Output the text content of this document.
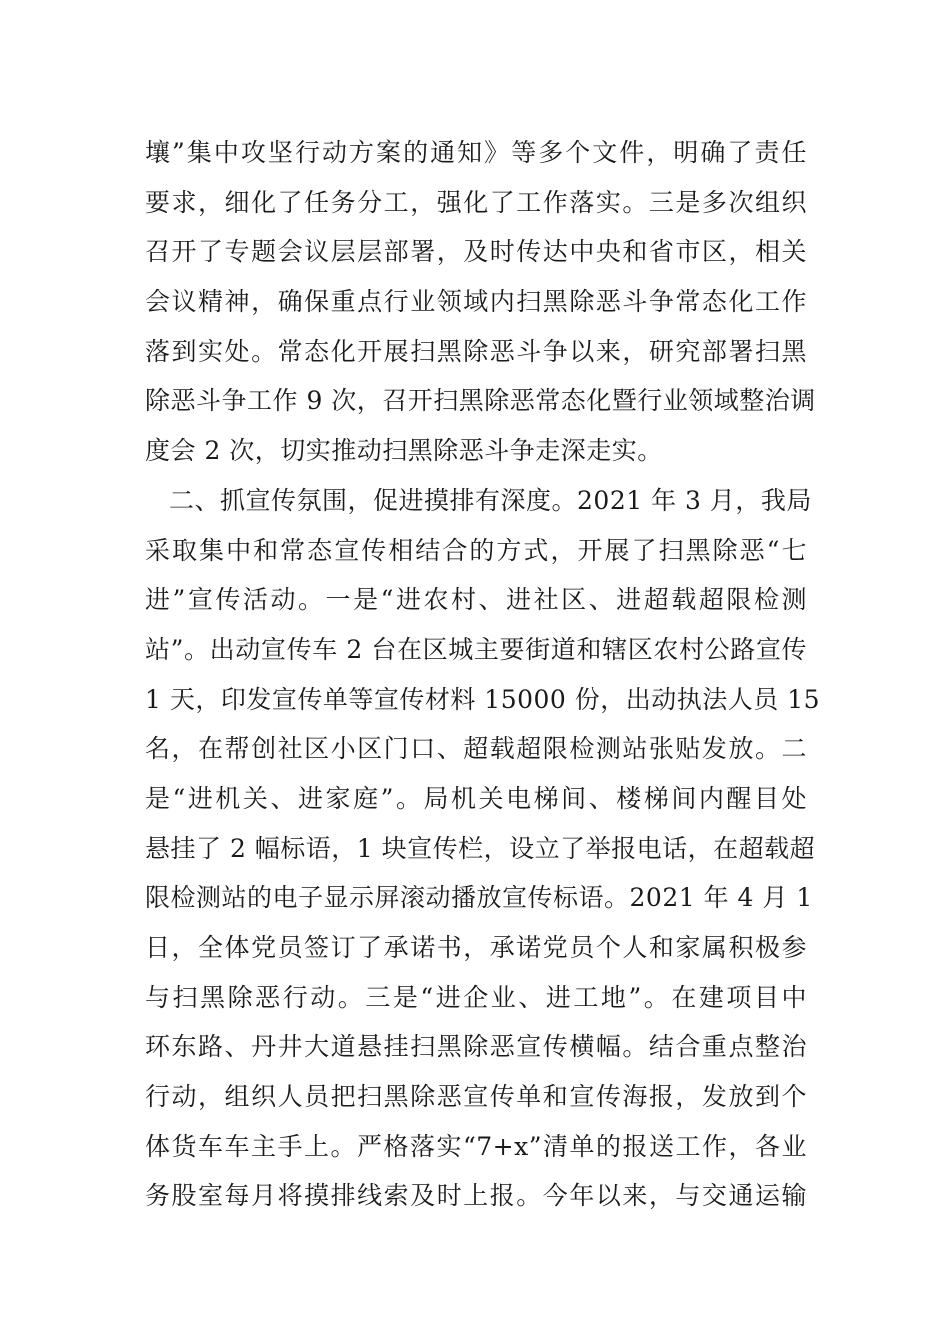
壤”集中攻坚行动方案的通知》等多个文件，明确了责任
要求，细化了任务分工，强化了工作落实。三是多次组织
召开了专题会议层层部署，及时传达中央和省市区，相关
会议精神，确保重点行业领域内扫黑除恶斗争常态化工作
落到实处。常态化开展扫黑除恶斗争以来，研究部署扫黑
除恶斗争工作 9 次，召开扫黑除恶常态化暨行业领域整治调
度会 2 次，切实推动扫黑除恶斗争走深走实。
二、抓宣传氛围，促进摸排有深度。2021 年 3 月，我局
采取集中和常态宣传相结合的方式，开展了扫黑除恶“七
进”宣传活动。一是“进农村、进社区、进超载超限检测
站”。出动宣传车 2 台在区城主要街道和辖区农村公路宣传
1 天，印发宣传单等宣传材料 15000 份，出动执法人员 15
名，在帮创社区小区门口、超载超限检测站张贴发放。二
是“进机关、进家庭”。局机关电梯间、楼梯间内醒目处
悬挂了 2 幅标语，1 块宣传栏，设立了举报电话，在超载超
限检测站的电子显示屏滚动播放宣传标语。2021 年 4 月 1
日，全体党员签订了承诺书，承诺党员个人和家属积极参
与扫黑除恶行动。三是“进企业、进工地”。在建项目中
环东路、丹井大道悬挂扫黑除恶宣传横幅。结合重点整治
行动，组织人员把扫黑除恶宣传单和宣传海报，发放到个
体货车车主手上。严格落实“7+x”清单的报送工作，各业
务股室每月将摸排线索及时上报。今年以来，与交通运输
